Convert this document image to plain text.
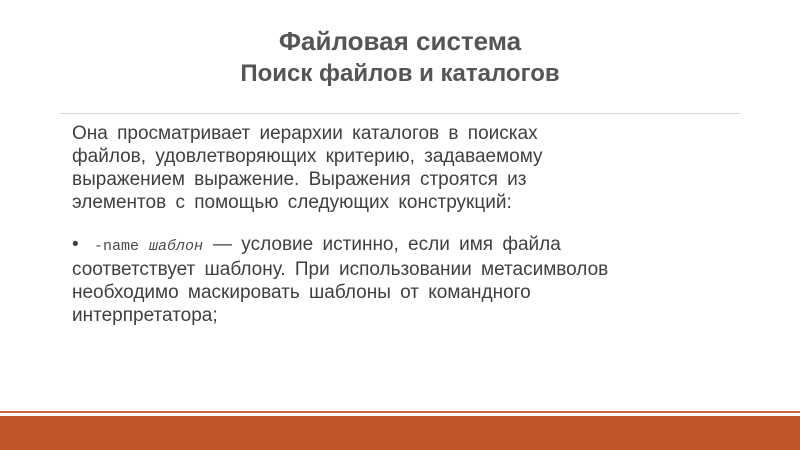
Файловая система
Поиск файлов и каталогов
Она просматривает иерархии каталогов в поисках
файлов, удовлетворяющих критерию, задаваемому
выражением выражение. Выражения строятся из
элементов с помощью следующих конструкций:
• -name шаблон — условие истинно, если имя файла
соответствует шаблону. При использовании метасимволов
необходимо маскировать шаблоны от командного
интерпретатора;
